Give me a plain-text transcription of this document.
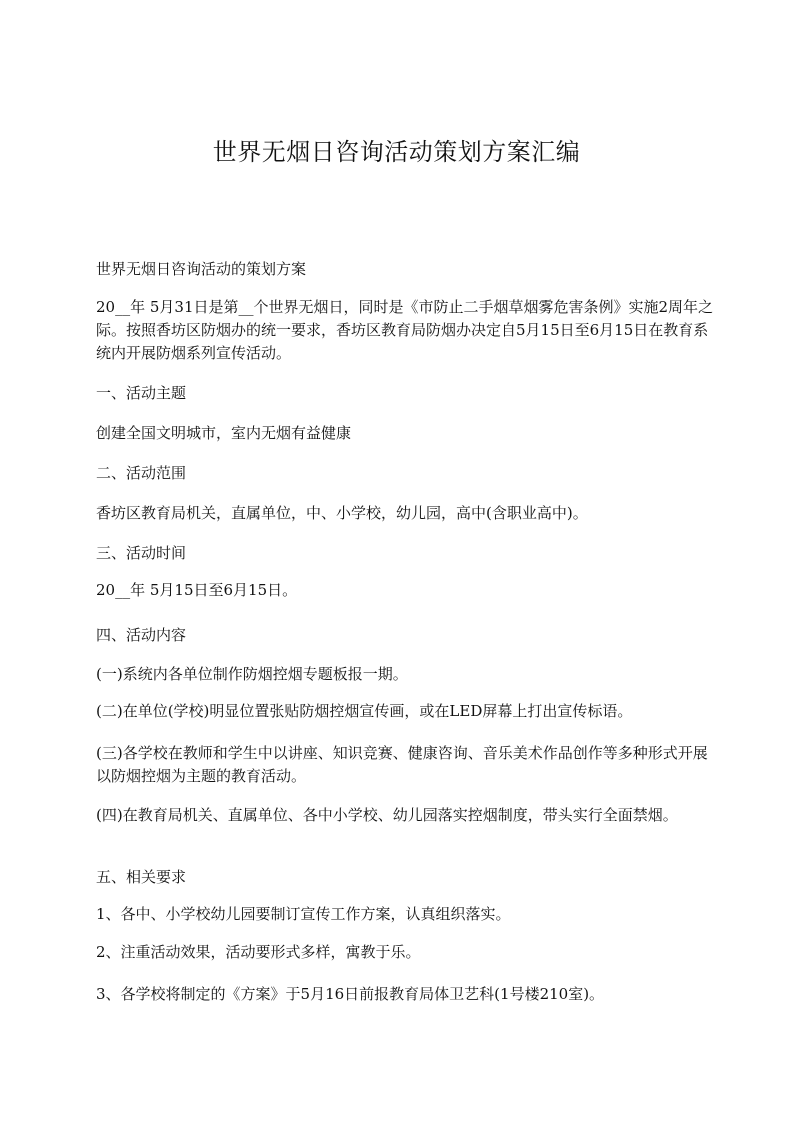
世界无烟日咨询活动策划方案汇编

世界无烟日咨询活动的策划方案

20__年 5月31日是第__个世界无烟日，同时是《市防止二手烟草烟雾危害条例》实施2周年之际。按照香坊区防烟办的统一要求，香坊区教育局防烟办决定自5月15日至6月15日在教育系统内开展防烟系列宣传活动。

一、活动主题

创建全国文明城市，室内无烟有益健康

二、活动范围

香坊区教育局机关，直属单位，中、小学校，幼儿园，高中(含职业高中)。

三、活动时间

20__年 5月15日至6月15日。

四、活动内容

(一)系统内各单位制作防烟控烟专题板报一期。

(二)在单位(学校)明显位置张贴防烟控烟宣传画，或在LED屏幕上打出宣传标语。

(三)各学校在教师和学生中以讲座、知识竞赛、健康咨询、音乐美术作品创作等多种形式开展以防烟控烟为主题的教育活动。

(四)在教育局机关、直属单位、各中小学校、幼儿园落实控烟制度，带头实行全面禁烟。

五、相关要求

1、各中、小学校幼儿园要制订宣传工作方案，认真组织落实。

2、注重活动效果，活动要形式多样，寓教于乐。

3、各学校将制定的《方案》于5月16日前报教育局体卫艺科(1号楼210室)。
